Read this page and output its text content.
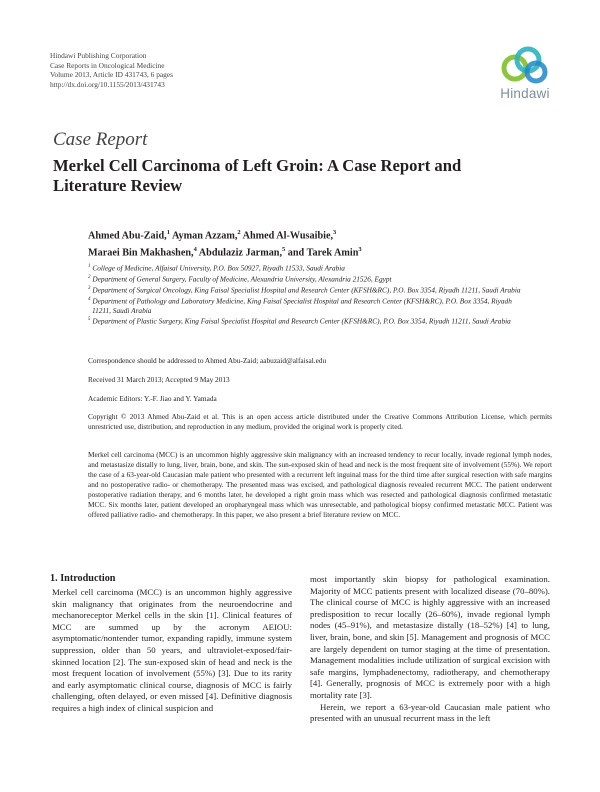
Hindawi Publishing Corporation
Case Reports in Oncological Medicine
Volume 2013, Article ID 431743, 6 pages
http://dx.doi.org/10.1155/2013/431743
Hindawi
Case Report
Merkel Cell Carcinoma of Left Groin: A Case Report and Literature Review
Ahmed Abu-Zaid,$^1$ Ayman Azzam,$^2$ Ahmed Al-Wusaibie,$^3$
Maraei Bin Makhashen,$^4$ Abdulaziz Jarman,$^5$ and Tarek Amin$^3$
$^1$ College of Medicine, Alfaisal University, P.O. Box 50927, Riyadh 11533, Saudi Arabia
$^2$ Department of General Surgery, Faculty of Medicine, Alexandria University, Alexandria 21526, Egypt
$^3$ Department of Surgical Oncology, King Faisal Specialist Hospital and Research Center (KFSH&RC), P.O. Box 3354, Riyadh 11211, Saudi Arabia
$^4$ Department of Pathology and Laboratory Medicine, King Faisal Specialist Hospital and Research Center (KFSH&RC), P.O. Box 3354, Riyadh 11211, Saudi Arabia
$^5$ Department of Plastic Surgery, King Faisal Specialist Hospital and Research Center (KFSH&RC), P.O. Box 3354, Riyadh 11211, Saudi Arabia
Correspondence should be addressed to Ahmed Abu-Zaid; aabuzaid@alfaisal.edu
Received 31 March 2013; Accepted 9 May 2013
Academic Editors: Y.-F. Jiao and Y. Yamada
Copyright © 2013 Ahmed Abu-Zaid et al. This is an open access article distributed under the Creative Commons Attribution License, which permits unrestricted use, distribution, and reproduction in any medium, provided the original work is properly cited.
Merkel cell carcinoma (MCC) is an uncommon highly aggressive skin malignancy with an increased tendency to recur locally, invade regional lymph nodes, and metastasize distally to lung, liver, brain, bone, and skin. The sun-exposed skin of head and neck is the most frequent site of involvement (55%). We report the case of a 63-year-old Caucasian male patient who presented with a recurrent left inguinal mass for the third time after surgical resection with safe margins and no postoperative radio- or chemotherapy. The presented mass was excised, and pathological diagnosis revealed recurrent MCC. The patient underwent postoperative radiation therapy, and 6 months later, he developed a right groin mass which was resected and pathological diagnosis confirmed metastatic MCC. Six months later, patient developed an oropharyngeal mass which was unresectable, and pathological biopsy confirmed metastatic MCC. Patient was offered palliative radio- and chemotherapy. In this paper, we also present a brief literature review on MCC.
1. Introduction

Merkel cell carcinoma (MCC) is an uncommon highly aggressive skin malignancy that originates from the neuroendocrine and mechanoreceptor Merkel cells in the skin [1]. Clinical features of MCC are summed up by the acronym AEIOU: asymptomatic/nontender tumor, expanding rapidly, immune system suppression, older than 50 years, and ultraviolet-exposed/fair-skinned location [2]. The sun-exposed skin of head and neck is the most frequent location of involvement (55%) [3]. Due to its rarity and early asymptomatic clinical course, diagnosis of MCC is fairly challenging, often delayed, or even missed [4]. Definitive diagnosis requires a high index of clinical suspicion and

most importantly skin biopsy for pathological examination. Majority of MCC patients present with localized disease (70–80%). The clinical course of MCC is highly aggressive with an increased predisposition to recur locally (26–60%), invade regional lymph nodes (45–91%), and metastasize distally (18–52%) [4] to lung, liver, brain, bone, and skin [5]. Management and prognosis of MCC are largely dependent on tumor staging at the time of presentation. Management modalities include utilization of surgical excision with safe margins, lymphadenectomy, radiotherapy, and chemotherapy [4]. Generally, prognosis of MCC is extremely poor with a high mortality rate [3].

Herein, we report a 63-year-old Caucasian male patient who presented with an unusual recurrent mass in the left
